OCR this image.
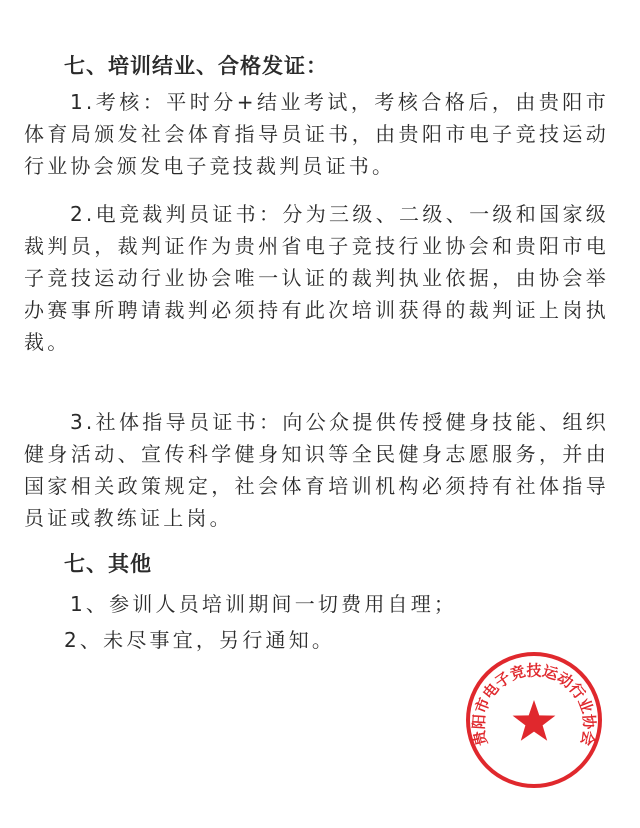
七、培训结业、合格发证：

1.考核：平时分+结业考试，考核合格后，由贵阳市体育局颁发社会体育指导员证书，由贵阳市电子竞技运动行业协会颁发电子竞技裁判员证书。

2.电竞裁判员证书：分为三级、二级、一级和国家级裁判员，裁判证作为贵州省电子竞技行业协会和贵阳市电子竞技运动行业协会唯一认证的裁判执业依据，由协会举办赛事所聘请裁判必须持有此次培训获得的裁判证上岗执裁。

3.社体指导员证书：向公众提供传授健身技能、组织健身活动、宣传科学健身知识等全民健身志愿服务，并由国家相关政策规定，社会体育培训机构必须持有社体指导员证或教练证上岗。

七、其他
1、参训人员培训期间一切费用自理；
2、未尽事宜，另行通知。
贵阳市电子竞技运动行业协会
